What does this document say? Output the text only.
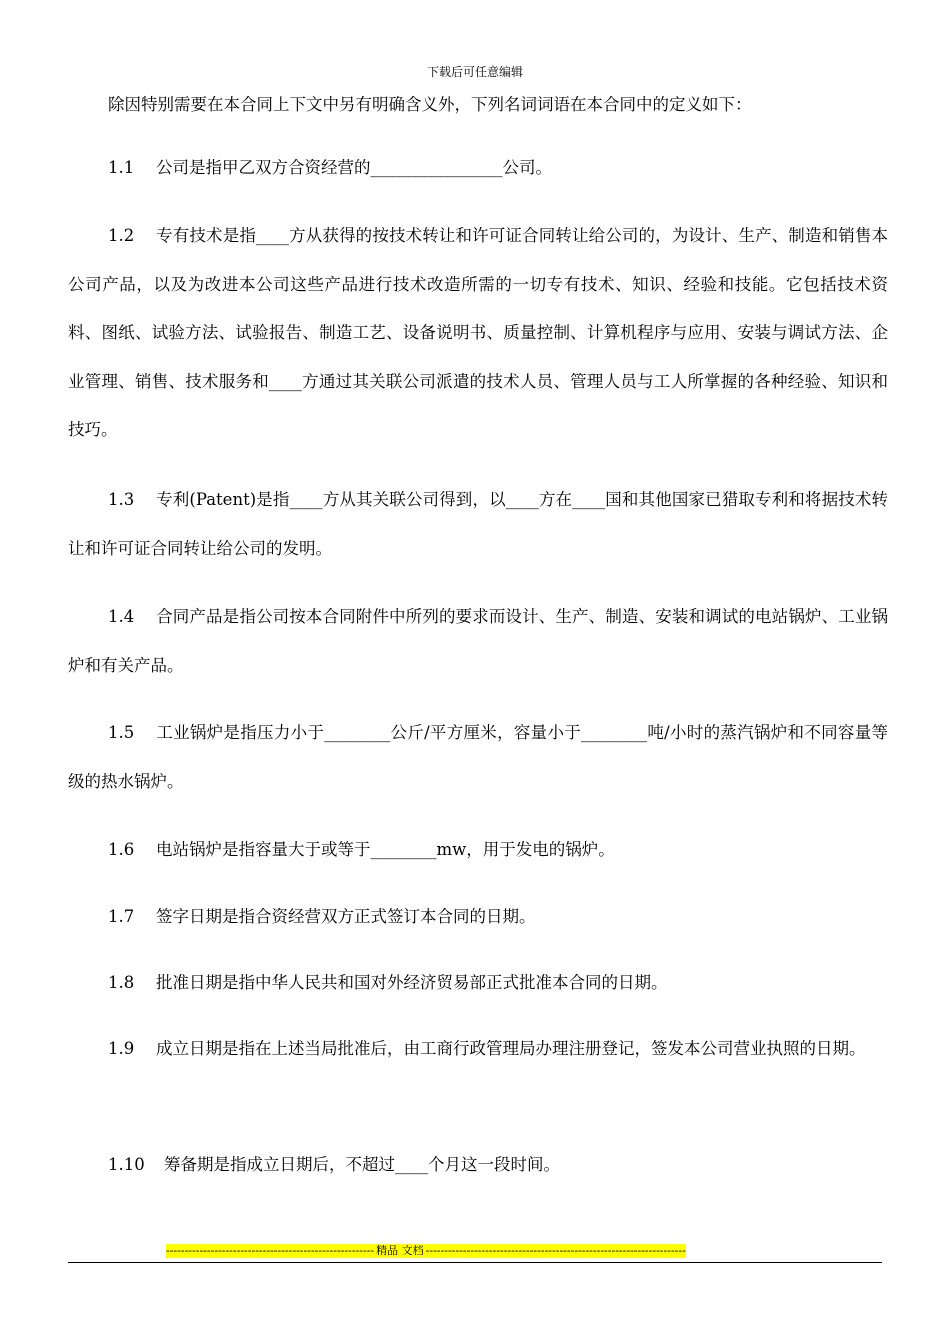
下载后可任意编辑
除因特别需要在本合同上下文中另有明确含义外，下列名词词语在本合同中的定义如下：

1.1 公司是指甲乙双方合资经营的________________公司。

1.2 专有技术是指____方从获得的按技术转让和许可证合同转让给公司的，为设计、生产、制造和销售本公司产品，以及为改进本公司这些产品进行技术改造所需的一切专有技术、知识、经验和技能。它包括技术资料、图纸、试验方法、试验报告、制造工艺、设备说明书、质量控制、计算机程序与应用、安装与调试方法、企业管理、销售、技术服务和____方通过其关联公司派遣的技术人员、管理人员与工人所掌握的各种经验、知识和技巧。

1.3 专利(Patent)是指____方从其关联公司得到，以____方在____国和其他国家已猎取专利和将据技术转让和许可证合同转让给公司的发明。

1.4 合同产品是指公司按本合同附件中所列的要求而设计、生产、制造、安装和调试的电站锅炉、工业锅炉和有关产品。

1.5 工业锅炉是指压力小于________公斤/平方厘米，容量小于________吨/小时的蒸汽锅炉和不同容量等级的热水锅炉。

1.6 电站锅炉是指容量大于或等于________mw，用于发电的锅炉。

1.7 签字日期是指合资经营双方正式签订本合同的日期。

1.8 批准日期是指中华人民共和国对外经济贸易部正式批准本合同的日期。

1.9 成立日期是指在上述当局批准后，由工商行政管理局办理注册登记，签发本公司营业执照的日期。

1.10 筹备期是指成立日期后，不超过____个月这一段时间。

-------------------------------------------------------- 精品 文档 ----------------------------------------------------------------------
